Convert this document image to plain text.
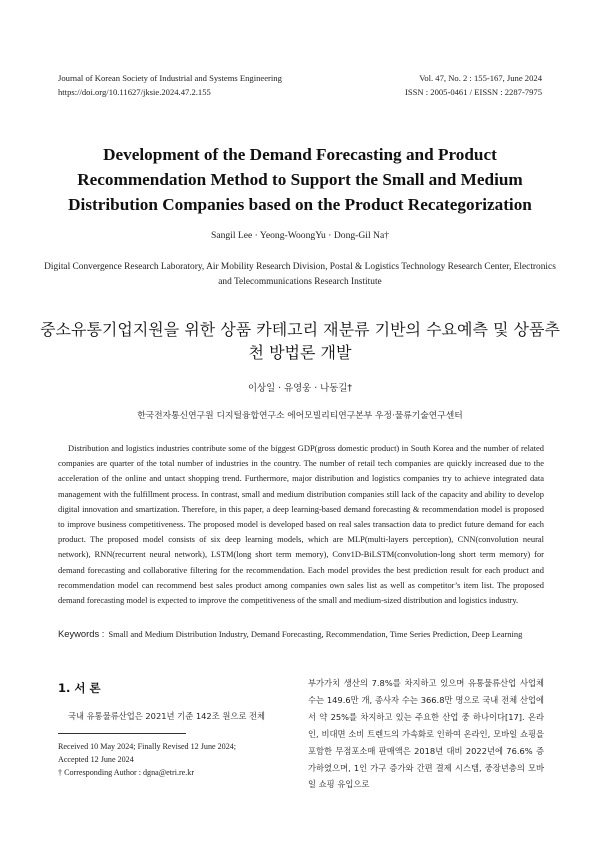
Journal of Korean Society of Industrial and Systems Engineering
https://doi.org/10.11627/jksie.2024.47.2.155
Vol. 47, No. 2 : 155-167, June 2024
ISSN : 2005-0461 / EISSN : 2287-7975
Development of the Demand Forecasting and Product Recommendation Method to Support the Small and Medium Distribution Companies based on the Product Recategorization
Sangil Lee · Yeong-WoongYu · Dong-Gil Na†
Digital Convergence Research Laboratory, Air Mobility Research Division, Postal & Logistics Technology Research Center, Electronics and Telecommunications Research Institute
중소유통기업지원을 위한 상품 카테고리 재분류 기반의 수요예측 및 상품추천 방법론 개발
이상일 · 유영웅 · 나동길†
한국전자통신연구원 디지털융합연구소 에어모빌리티연구본부 우정·물류기술연구센터
Distribution and logistics industries contribute some of the biggest GDP(gross domestic product) in South Korea and the number of related companies are quarter of the total number of industries in the country. The number of retail tech companies are quickly increased due to the acceleration of the online and untact shopping trend. Furthermore, major distribution and logistics companies try to achieve integrated data management with the fulfillment process. In contrast, small and medium distribution companies still lack of the capacity and ability to develop digital innovation and smartization. Therefore, in this paper, a deep learning-based demand forecasting & recommendation model is proposed to improve business competitiveness. The proposed model is developed based on real sales transaction data to predict future demand for each product. The proposed model consists of six deep learning models, which are MLP(multi-layers perception), CNN(convolution neural network), RNN(recurrent neural network), LSTM(long short term memory), Conv1D-BiLSTM(convolution-long short term memory) for demand forecasting and collaborative filtering for the recommendation. Each model provides the best prediction result for each product and recommendation model can recommend best sales product among companies own sales list as well as competitor’s item list. The proposed demand forecasting model is expected to improve the competitiveness of the small and medium-sized distribution and logistics industry.
Keywords : Small and Medium Distribution Industry, Demand Forecasting, Recommendation, Time Series Prediction, Deep Learning
1. 서 론
국내 유통물류산업은 2021년 기준 142조 원으로 전체
Received 10 May 2024; Finally Revised 12 June 2024;
Accepted 12 June 2024
† Corresponding Author : dgna@etri.re.kr
부가가치 생산의 7.8%를 차지하고 있으며 유통물류산업 사업체 수는 149.6만 개, 종사자 수는 366.8만 명으로 국내 전체 산업에서 약 25%를 차지하고 있는 주요한 산업 중 하나이다[17]. 온라인, 비대면 소비 트렌드의 가속화로 인하여 온라인, 모바일 쇼핑을 포함한 무점포소매 판매액은 2018년 대비 2022년에 76.6% 증가하였으며, 1인 가구 증가와 간편 결제 시스템, 중장년층의 모바일 쇼핑 유입으로
